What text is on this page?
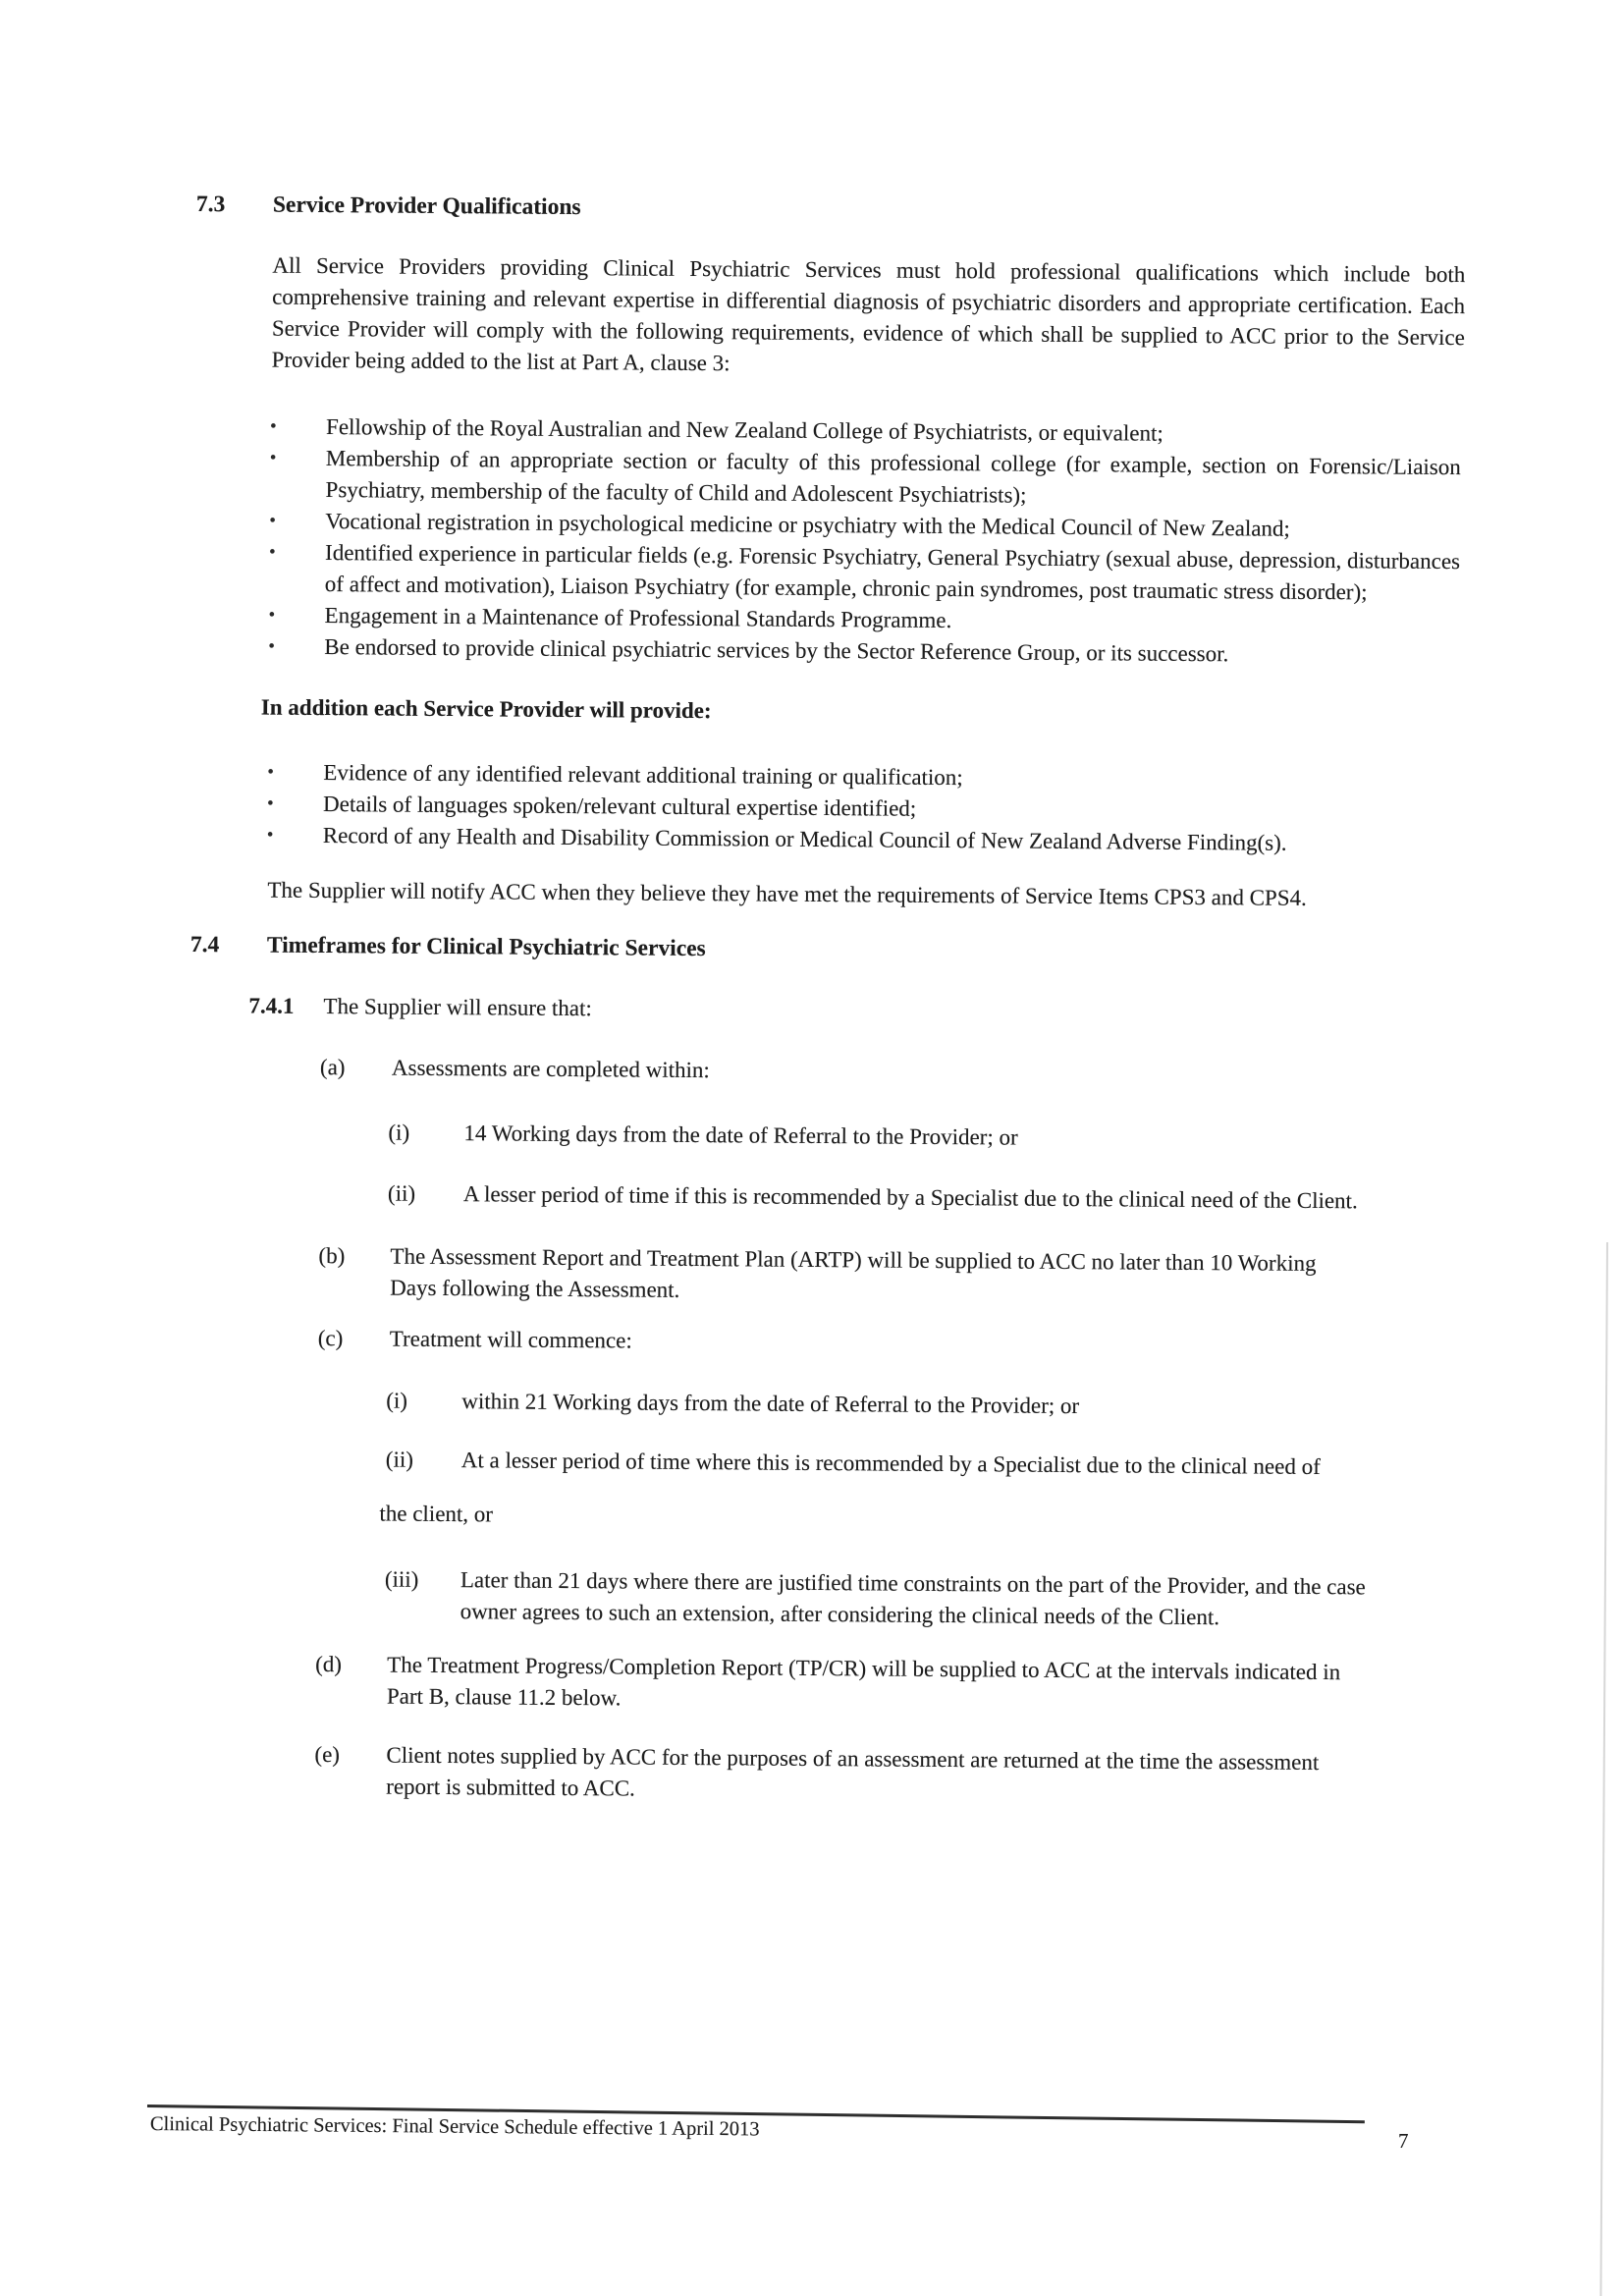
7.3	Service Provider Qualifications

All Service Providers providing Clinical Psychiatric Services must hold professional qualifications which include both comprehensive training and relevant expertise in differential diagnosis of psychiatric disorders and appropriate certification. Each Service Provider will comply with the following requirements, evidence of which shall be supplied to ACC prior to the Service Provider being added to the list at Part A, clause 3:

•	Fellowship of the Royal Australian and New Zealand College of Psychiatrists, or equivalent;
•	Membership of an appropriate section or faculty of this professional college (for example, section on Forensic/Liaison Psychiatry, membership of the faculty of Child and Adolescent Psychiatrists);
•	Vocational registration in psychological medicine or psychiatry with the Medical Council of New Zealand;
•	Identified experience in particular fields (e.g. Forensic Psychiatry, General Psychiatry (sexual abuse, depression, disturbances of affect and motivation), Liaison Psychiatry (for example, chronic pain syndromes, post traumatic stress disorder);
•	Engagement in a Maintenance of Professional Standards Programme.
•	Be endorsed to provide clinical psychiatric services by the Sector Reference Group, or its successor.
In addition each Service Provider will provide:
•	Evidence of any identified relevant additional training or qualification;
•	Details of languages spoken/relevant cultural expertise identified;
•	Record of any Health and Disability Commission or Medical Council of New Zealand Adverse Finding(s).

The Supplier will notify ACC when they believe they have met the requirements of Service Items CPS3 and CPS4.

7.4	Timeframes for Clinical Psychiatric Services
7.4.1	The Supplier will ensure that:
(a)	Assessments are completed within:
(i)	14 Working days from the date of Referral to the Provider; or
(ii)	A lesser period of time if this is recommended by a Specialist due to the clinical need of the Client.
(b)	The Assessment Report and Treatment Plan (ARTP) will be supplied to ACC no later than 10 Working Days following the Assessment.
(c)	Treatment will commence:
(i)	within 21 Working days from the date of Referral to the Provider; or
(ii)	At a lesser period of time where this is recommended by a Specialist due to the clinical need of
the client, or
(iii)	Later than 21 days where there are justified time constraints on the part of the Provider, and the case owner agrees to such an extension, after considering the clinical needs of the Client.
(d)	The Treatment Progress/Completion Report (TP/CR) will be supplied to ACC at the intervals indicated in Part B, clause 11.2 below.
(e)	Client notes supplied by ACC for the purposes of an assessment are returned at the time the assessment report is submitted to ACC.
Clinical Psychiatric Services: Final Service Schedule effective 1 April 2013
7
